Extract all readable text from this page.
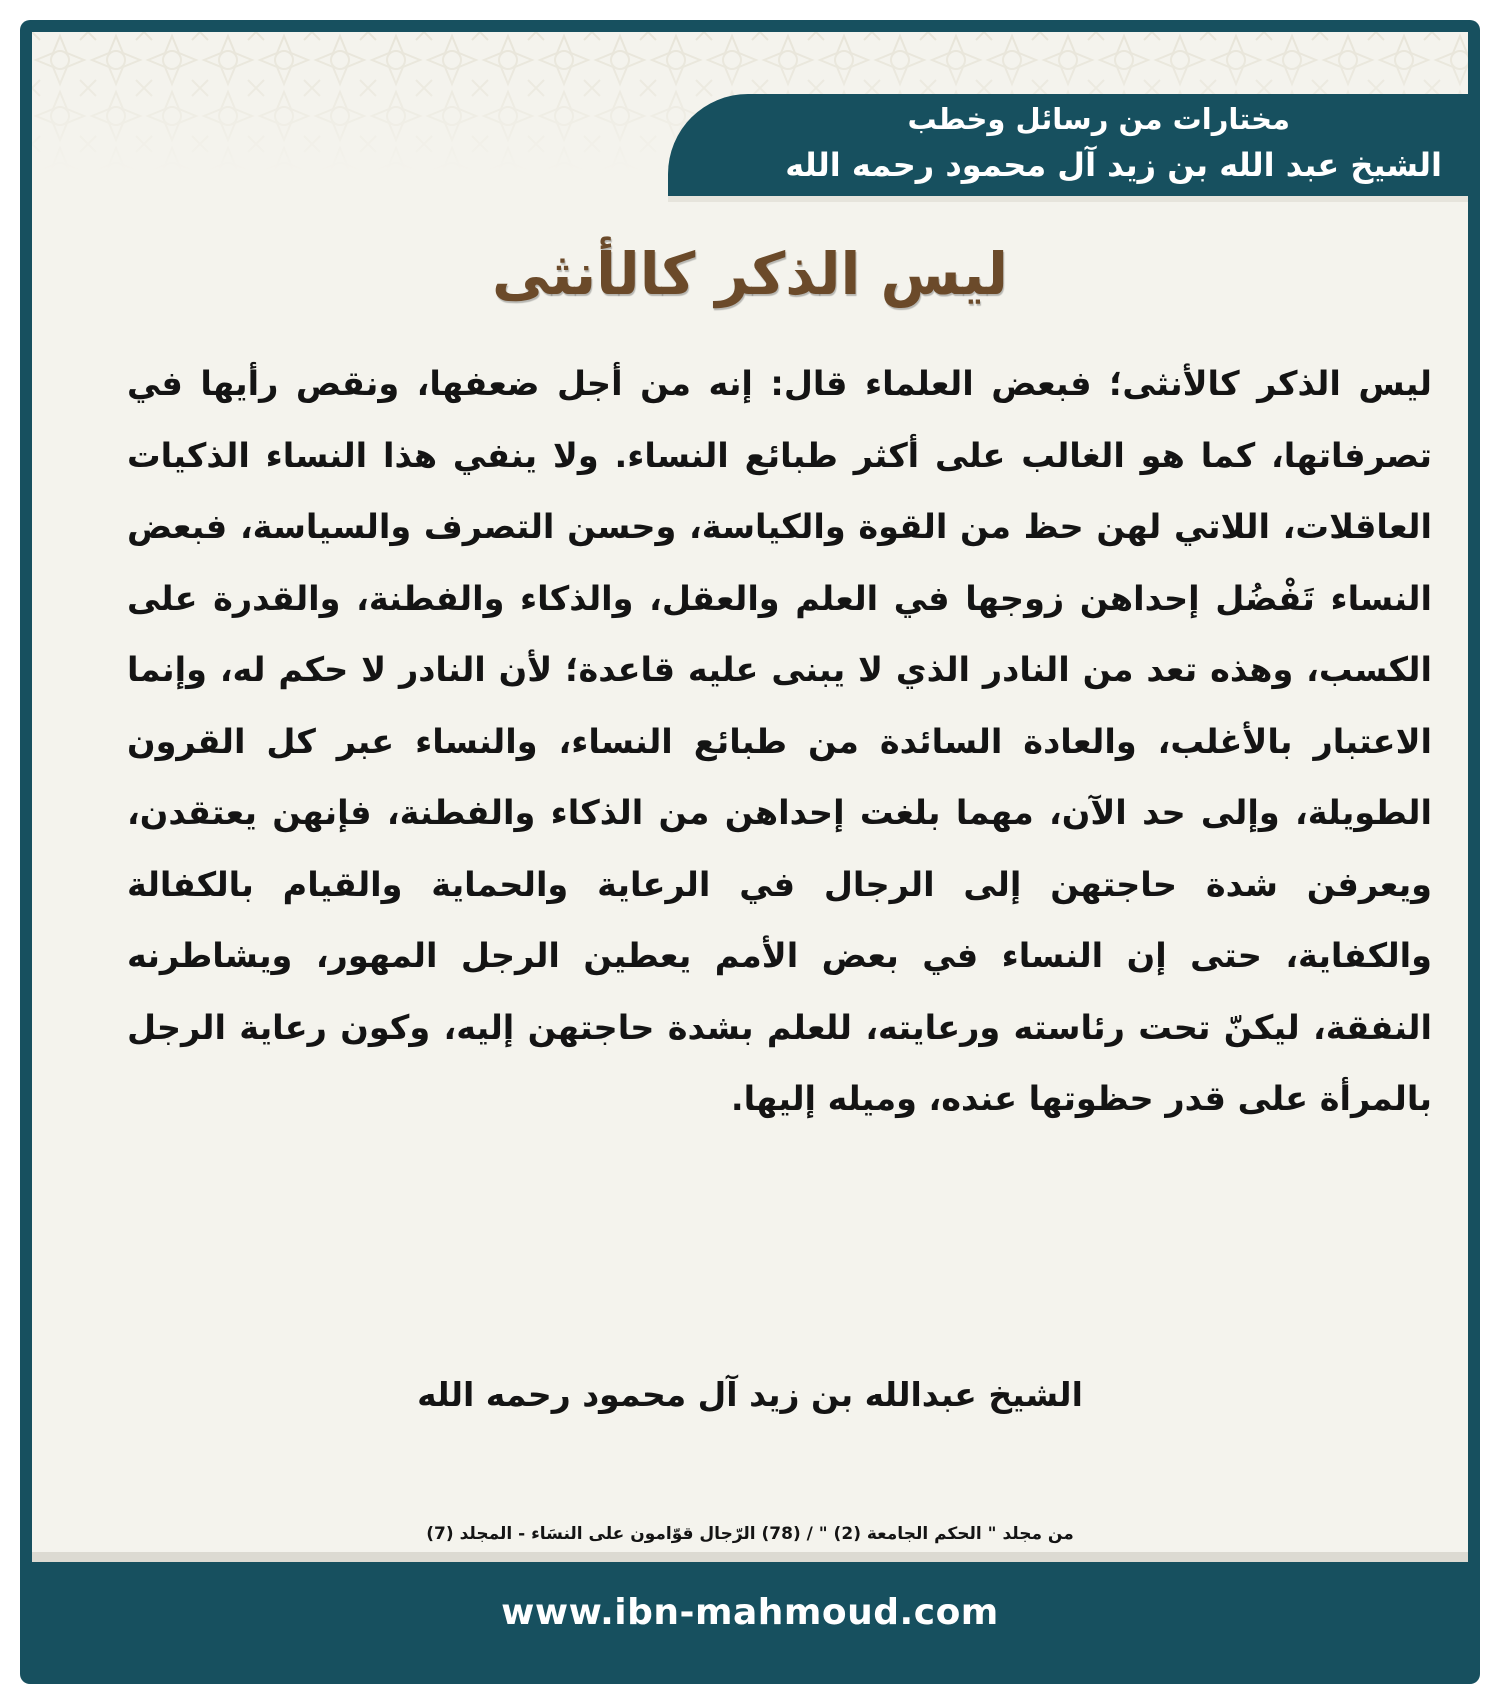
مختارات من رسائل وخطب
الشيخ عبد الله بن زيد آل محمود رحمه الله
ليس الذكر كالأنثى

ليس الذكر كالأنثى؛ فبعض العلماء قال: إنه من أجل ضعفها، ونقص رأيها في تصرفاتها، كما هو الغالب على أكثر طبائع النساء. ولا ينفي هذا النساء الذكيات العاقلات، اللاتي لهن حظ من القوة والكياسة، وحسن التصرف والسياسة، فبعض النساء تَفْضُل إحداهن زوجها في العلم والعقل، والذكاء والفطنة، والقدرة على الكسب، وهذه تعد من النادر الذي لا يبنى عليه قاعدة؛ لأن النادر لا حكم له، وإنما الاعتبار بالأغلب، والعادة السائدة من طبائع النساء، والنساء عبر كل القرون الطويلة، وإلى حد الآن، مهما بلغت إحداهن من الذكاء والفطنة، فإنهن يعتقدن، ويعرفن شدة حاجتهن إلى الرجال في الرعاية والحماية والقيام بالكفالة والكفاية، حتى إن النساء في بعض الأمم يعطين الرجل المهور، ويشاطرنه النفقة، ليكنّ تحت رئاسته ورعايته، للعلم بشدة حاجتهن إليه، وكون رعاية الرجل بالمرأة على قدر حظوتها عنده، وميله إليها.

الشيخ عبدالله بن زيد آل محمود رحمه الله
من مجلد " الحكم الجامعة (2) " / (78) الرّجال قوّامون على النسَاء - المجلد (7)
www.ibn-mahmoud.com
